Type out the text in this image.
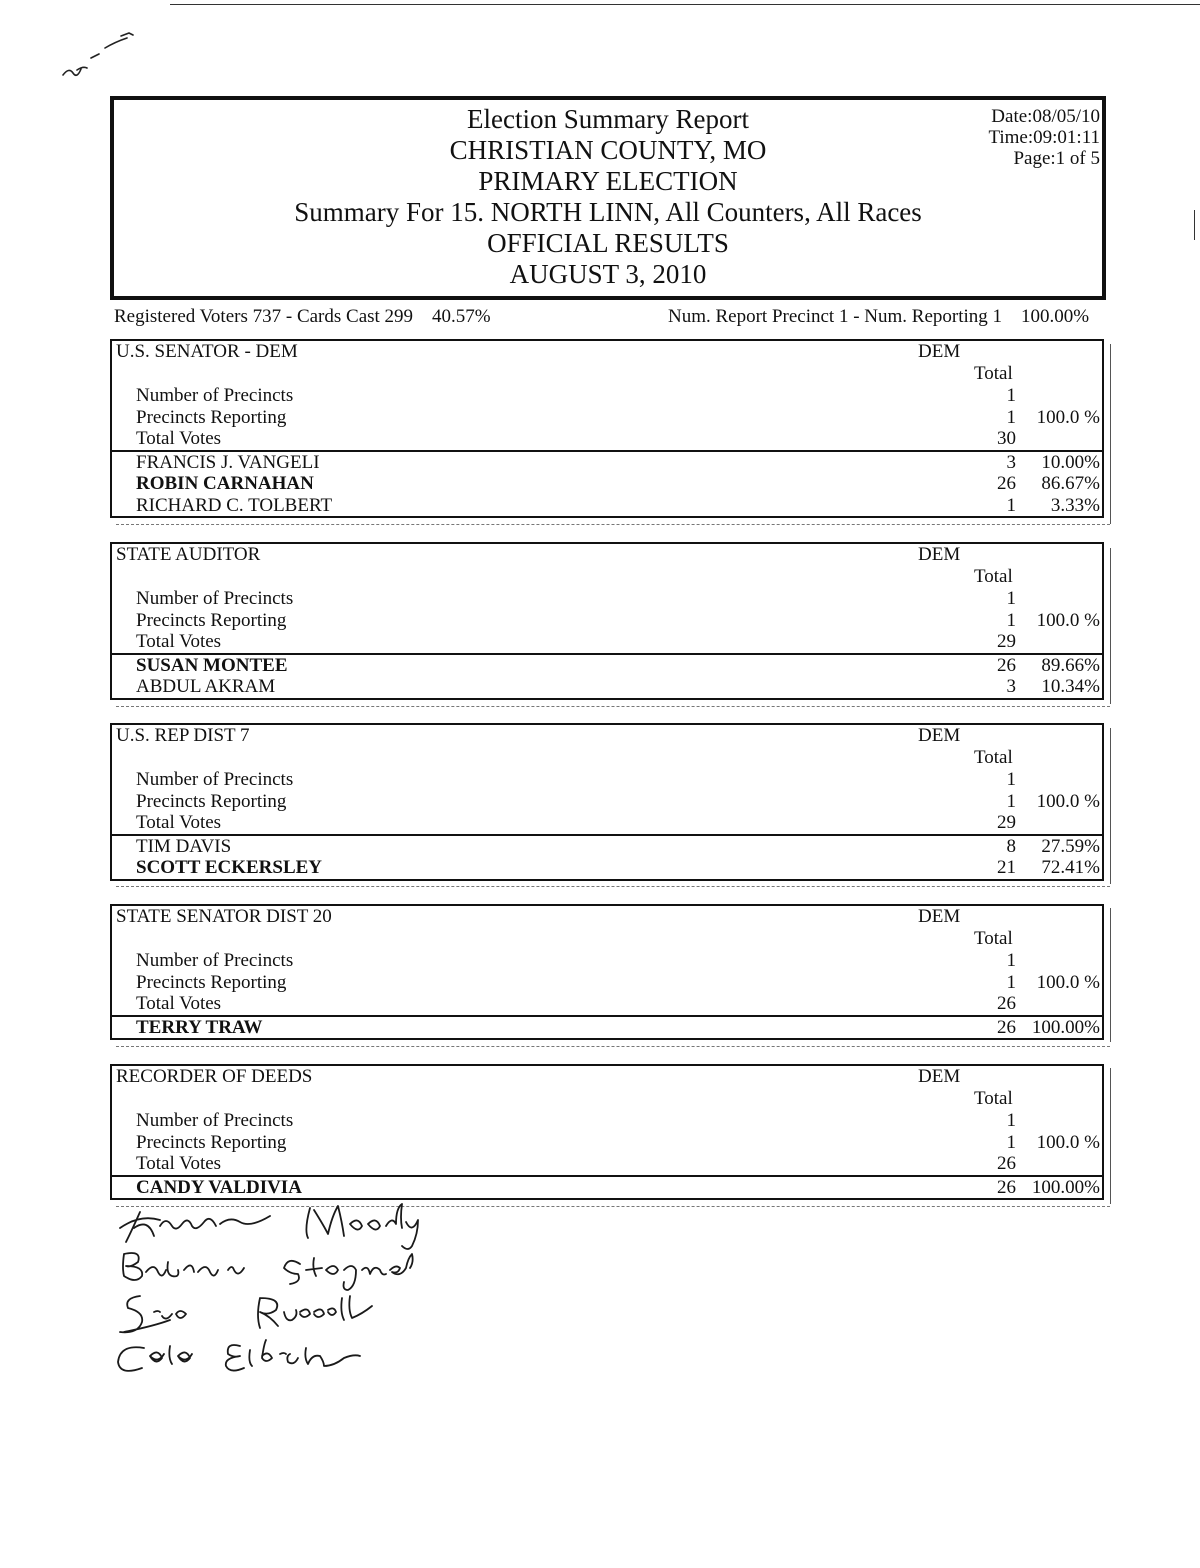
Election Summary Report
CHRISTIAN COUNTY, MO
PRIMARY ELECTION
Summary For 15. NORTH LINN, All Counters, All Races
OFFICIAL RESULTS
AUGUST 3, 2010
Date:08/05/10
Time:09:01:11
Page:1 of 5
Registered Voters 737 - Cards Cast 299    40.57%	Num. Report Precinct 1 - Num. Reporting 1    100.00%
U.S. SENATOR - DEM	DEM
Total
Number of Precincts	1
Precincts Reporting	1 100.0 %
Total Votes	30
FRANCIS J. VANGELI	3 10.00%
ROBIN CARNAHAN	26 86.67%
RICHARD C. TOLBERT	1 3.33%
STATE AUDITOR	DEM
Total
Number of Precincts	1
Precincts Reporting	1 100.0 %
Total Votes	29
SUSAN MONTEE	26 89.66%
ABDUL AKRAM	3 10.34%
U.S. REP DIST 7	DEM
Total
Number of Precincts	1
Precincts Reporting	1 100.0 %
Total Votes	29
TIM DAVIS	8 27.59%
SCOTT ECKERSLEY	21 72.41%
STATE SENATOR DIST 20	DEM
Total
Number of Precincts	1
Precincts Reporting	1 100.0 %
Total Votes	26
TERRY TRAW	26 100.00%
RECORDER OF DEEDS	DEM
Total
Number of Precincts	1
Precincts Reporting	1 100.0 %
Total Votes	26
CANDY VALDIVIA	26 100.00%
